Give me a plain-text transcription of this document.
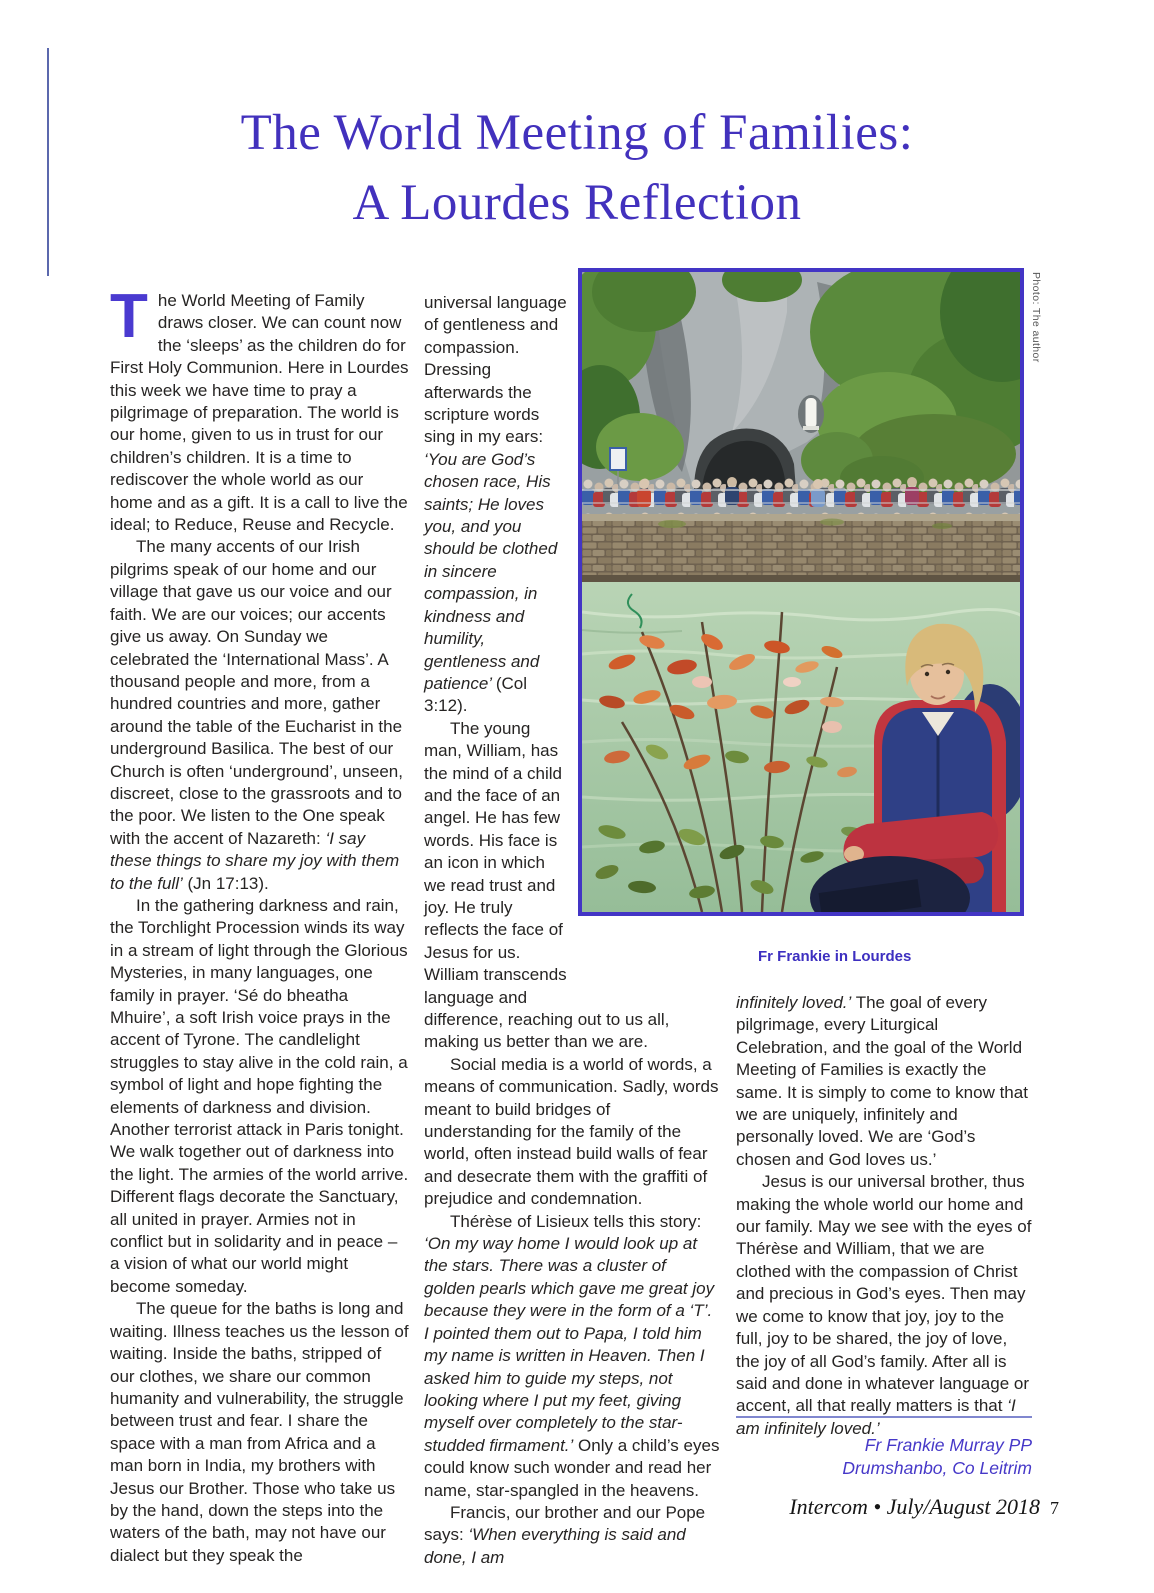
The World Meeting of Families:
A Lourdes Reflection

The World Meeting of Family draws closer. We can count now the ‘sleeps’ as the children do for First Holy Communion. Here in Lourdes this week we have time to pray a pilgrimage of preparation. The world is our home, given to us in trust for our children’s children. It is a time to rediscover the whole world as our home and as a gift. It is a call to live the ideal; to Reduce, Reuse and Recycle.

The many accents of our Irish pilgrims speak of our home and our village that gave us our voice and our faith. We are our voices; our accents give us away. On Sunday we celebrated the ‘International Mass’. A thousand people and more, from a hundred countries and more, gather around the table of the Eucharist in the underground Basilica. The best of our Church is often ‘underground’, unseen, discreet, close to the grassroots and to the poor. We listen to the One speak with the accent of Nazareth: ‘I say these things to share my joy with them to the full’ (Jn 17:13).

In the gathering darkness and rain, the Torchlight Procession winds its way in a stream of light through the Glorious Mysteries, in many languages, one family in prayer. ‘Sé do bheatha Mhuire’, a soft Irish voice prays in the accent of Tyrone. The candlelight struggles to stay alive in the cold rain, a symbol of light and hope fighting the elements of darkness and division. Another terrorist attack in Paris tonight. We walk together out of darkness into the light. The armies of the world arrive. Different flags decorate the Sanctuary, all united in prayer. Armies not in conflict but in solidarity and in peace – a vision of what our world might become someday.

The queue for the baths is long and waiting. Illness teaches us the lesson of waiting. Inside the baths, stripped of our clothes, we share our common humanity and vulnerability, the struggle between trust and fear. I share the space with a man from Africa and a man born in India, my brothers with Jesus our Brother. Those who take us by the hand, down the steps into the waters of the bath, may not have our dialect but they speak the

universal language of gentleness and compassion. Dressing afterwards the scripture words sing in my ears: ‘You are God’s chosen race, His saints; He loves you, and you should be clothed in sincere compassion, in kindness and humility, gentleness and patience’ (Col 3:12).

The young man, William, has the mind of a child and the face of an angel. He has few words. His face is an icon in which we read trust and joy. He truly reflects the face of Jesus for us. William transcends language and difference, reaching out to us all, making us better than we are.

Social media is a world of words, a means of communication. Sadly, words meant to build bridges of understanding for the family of the world, often instead build walls of fear and desecrate them with the graffiti of prejudice and condemnation.

Thérèse of Lisieux tells this story: ‘On my way home I would look up at the stars. There was a cluster of golden pearls which gave me great joy because they were in the form of a ‘T’. I pointed them out to Papa, I told him my name is written in Heaven. Then I asked him to guide my steps, not looking where I put my feet, giving myself over completely to the star-studded firmament.’ Only a child’s eyes could know such wonder and read her name, star-spangled in the heavens.

Francis, our brother and our Pope says: ‘When everything is said and done, I am

infinitely loved.’ The goal of every pilgrimage, every Liturgical Celebration, and the goal of the World Meeting of Families is exactly the same. It is simply to come to know that we are uniquely, infinitely and personally loved. We are ‘God’s chosen and God loves us.’

Jesus is our universal brother, thus making the whole world our home and our family. May we see with the eyes of Thérèse and William, that we are clothed with the compassion of Christ and precious in God’s eyes. Then may we come to know that joy, joy to the full, joy to be shared, the joy of love, the joy of all God’s family. After all is said and done in whatever language or accent, all that really matters is that ‘I am infinitely loved.’

Photo: The author
Fr Frankie in Lourdes
Fr Frankie Murray PP
Drumshanbo, Co Leitrim
Intercom • July/August 2018 7
